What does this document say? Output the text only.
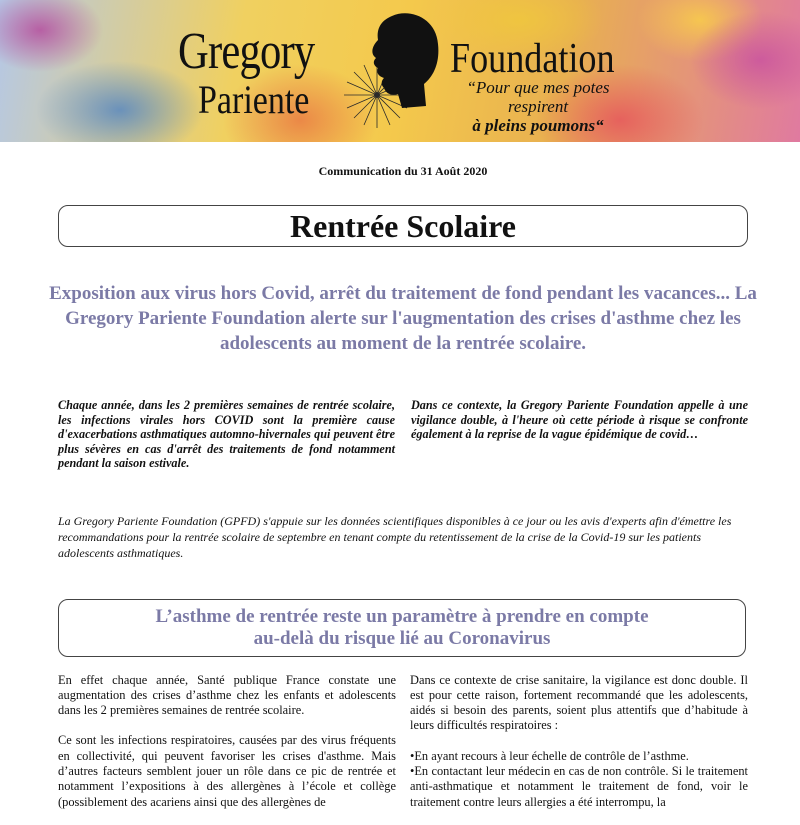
Gregory
Pariente
Foundation
“Pour que mes potes respirent
à pleins poumons“
Communication du 31 Août 2020
Rentrée Scolaire
Exposition aux virus hors Covid, arrêt du traitement de fond pendant les vacances... La Gregory Pariente Foundation alerte sur l'augmentation des crises d'asthme chez les adolescents au moment de la rentrée scolaire.
Chaque année, dans les 2 premières semaines de rentrée scolaire, les infections virales hors COVID sont la première cause d'exacerbations asthmatiques automno-hivernales qui peuvent être plus sévères en cas d'arrêt des traitements de fond notamment pendant la saison estivale.
Dans ce contexte, la Gregory Pariente Foundation appelle à une vigilance double, à l'heure où cette période à risque se confronte également à la reprise de la vague épidémique de covid…
La Gregory Pariente Foundation (GPFD) s'appuie sur les données scientifiques disponibles à ce jour ou les avis d'experts afin d'émettre les recommandations pour la rentrée scolaire de septembre en tenant compte du retentissement de la crise de la Covid-19 sur les patients adolescents asthmatiques.
L’asthme de rentrée reste un paramètre à prendre en compte
au-delà du risque lié au Coronavirus

En effet chaque année, Santé publique France constate une augmentation des crises d’asthme chez les enfants et adolescents dans les 2 premières semaines de rentrée scolaire.

Ce sont les infections respiratoires, causées par des virus fréquents en collectivité, qui peuvent favoriser les crises d'asthme. Mais d’autres facteurs semblent jouer un rôle dans ce pic de rentrée et notamment l’expositions à des allergènes à l’école et collège (possiblement des acariens ainsi que des allergènes de

Dans ce contexte de crise sanitaire, la vigilance est donc double. Il est pour cette raison, fortement recommandé que les adolescents, aidés si besoin des parents, soient plus attentifs que d’habitude à leurs difficultés respiratoires :

•En ayant recours à leur échelle de contrôle de l’asthme.

•En contactant leur médecin en cas de non contrôle. Si le traitement anti-asthmatique et notamment le traitement de fond, voir le traitement contre leurs allergies a été interrompu, la
